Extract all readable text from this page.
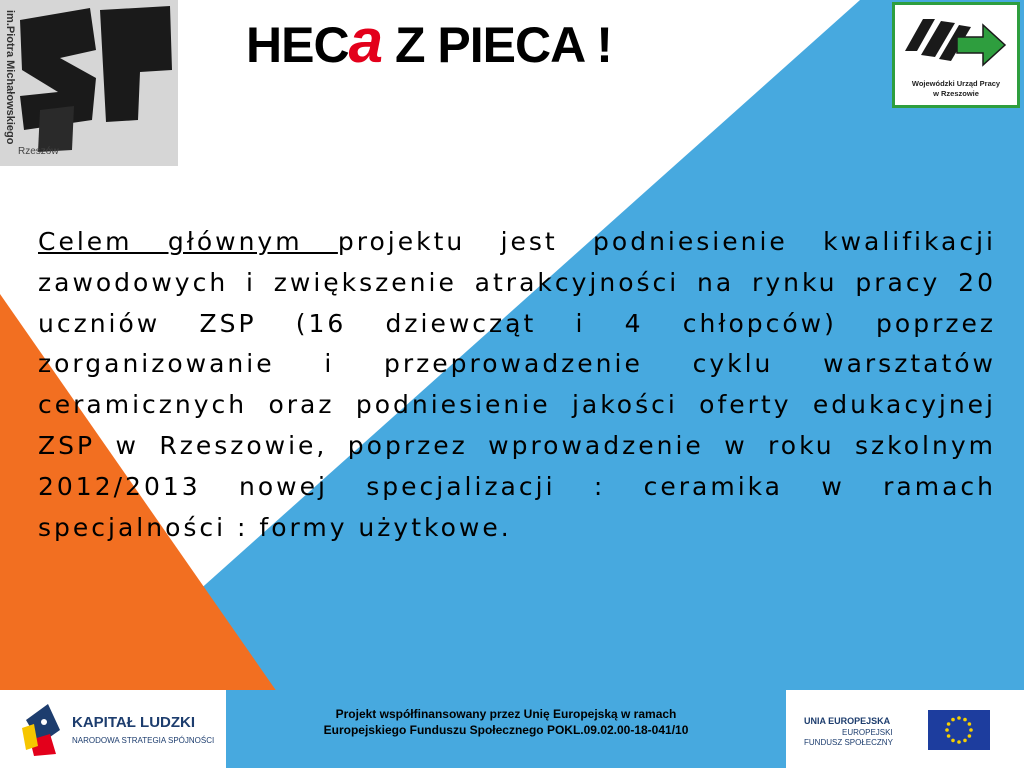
im.Piotra Michałowskiego
Rzeszów
HECa Z PIECA !
Wojewódzki Urząd Pracy
w Rzeszowie

Celem głównym projektu jest podniesienie kwalifikacji zawodowych i zwiększenie atrakcyjności na rynku pracy 20 uczniów ZSP (16 dziewcząt i 4 chłopców) poprzez zorganizowanie i przeprowadzenie cyklu warsztatów ceramicznych oraz podniesienie jakości oferty edukacyjnej ZSP w Rzeszowie, poprzez wprowadzenie w roku szkolnym 2012/2013 nowej specjalizacji : ceramika w ramach specjalności : formy użytkowe.

KAPITAŁ LUDZKI
NARODOWA STRATEGIA SPÓJNOŚCI

Projekt współfinansowany przez Unię Europejską w ramach
Europejskiego Funduszu Społecznego POKL.09.02.00-18-041/10

UNIA EUROPEJSKA
EUROPEJSKI
FUNDUSZ SPOŁECZNY
